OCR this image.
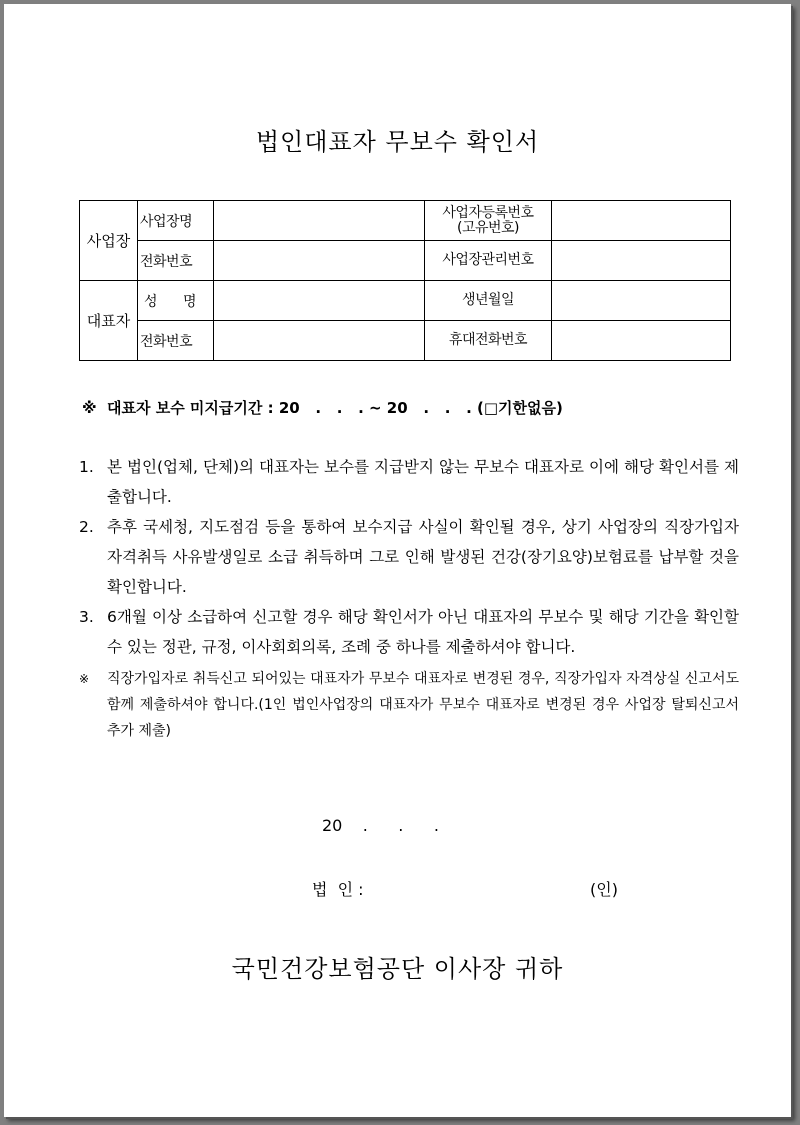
법인대표자 무보수 확인서
사업장	사업장명		사업자등록번호
(고유번호)	

	전화번호		사업장관리번호	
대표자	성 명		생년월일	
	전화번호		휴대전화번호	
※  대표자 보수 미지급기간 : 20   .   .   . ~ 20   .   .   . (□기한없음)
1. 본 법인(업체, 단체)의 대표자는 보수를 지급받지 않는 무보수 대표자로 이에 해당 확인서를 제출합니다.
2. 추후 국세청, 지도점검 등을 통하여 보수지급 사실이 확인될 경우, 상기 사업장의 직장가입자 자격취득 사유발생일로 소급 취득하며 그로 인해 발생된 건강(장기요양)보험료를 납부할 것을 확인합니다.
3. 6개월 이상 소급하여 신고할 경우 해당 확인서가 아닌 대표자의 무보수 및 해당 기간을 확인할 수 있는 정관, 규정, 이사회회의록, 조례 중 하나를 제출하셔야 합니다.
※	직장가입자로 취득신고 되어있는 대표자가 무보수 대표자로 변경된 경우, 직장가입자 자격상실 신고서도 함께 제출하셔야 합니다.(1인 법인사업장의 대표자가 무보수 대표자로 변경된 경우 사업장 탈퇴신고서 추가 제출)
20    .      .      .
법  인 :	(인)
국민건강보험공단 이사장 귀하
